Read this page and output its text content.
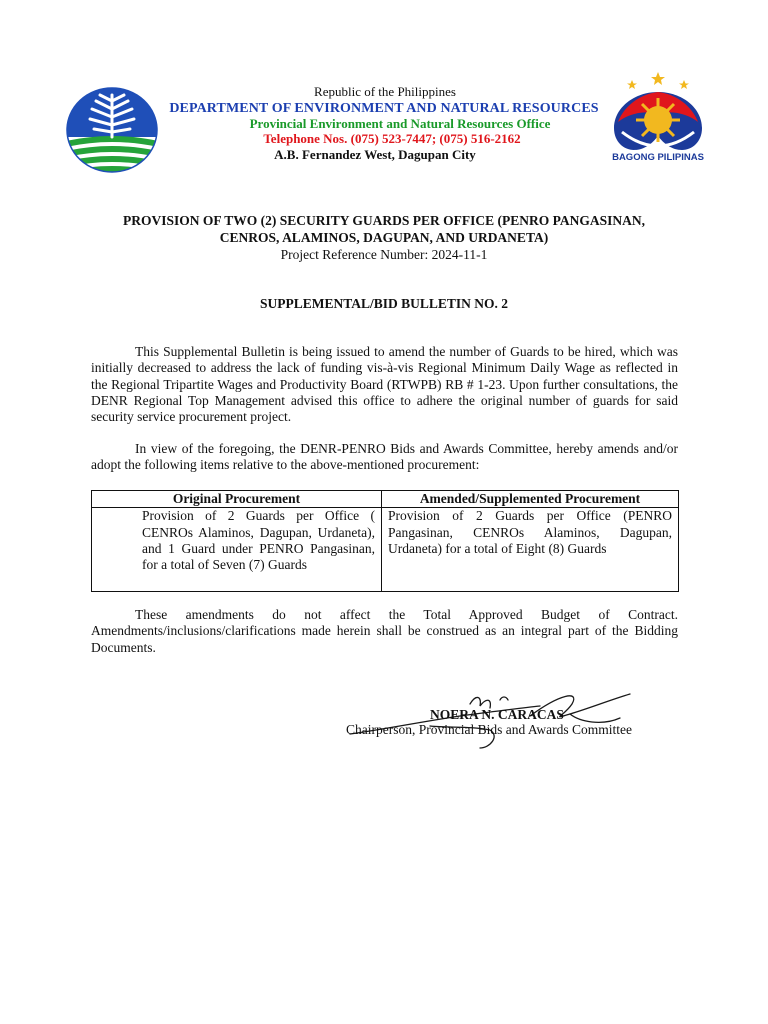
Republic of the Philippines
DEPARTMENT OF ENVIRONMENT AND NATURAL RESOURCES
Provincial Environment and Natural Resources Office
Telephone Nos. (075) 523-7447; (075) 516-2162
A.B. Fernandez West, Dagupan City	BAGONG PILIPINAS
PROVISION OF TWO (2) SECURITY GUARDS PER OFFICE (PENRO PANGASINAN,
CENROS, ALAMINOS, DAGUPAN, AND URDANETA)
Project Reference Number: 2024-11-1
SUPPLEMENTAL/BID BULLETIN NO. 2
This Supplemental Bulletin is being issued to amend the number of Guards to be hired, which was initially decreased to address the lack of funding vis-à-vis Regional Minimum Daily Wage as reflected in the Regional Tripartite Wages and Productivity Board (RTWPB) RB # 1-23. Upon further consultations, the DENR Regional Top Management advised this office to adhere the original number of guards for said security service procurement project.
In view of the foregoing, the DENR-PENRO Bids and Awards Committee, hereby amends and/or adopt the following items relative to the above-mentioned procurement:
Original Procurement	Amended/Supplemented Procurement
Provision of 2 Guards per Office ( CENROs Alaminos, Dagupan, Urdaneta), and 1 Guard under PENRO Pangasinan, for a total of Seven (7) Guards	Provision of 2 Guards per Office (PENRO Pangasinan, CENROs Alaminos, Dagupan, Urdaneta) for a total of Eight (8) Guards
These amendments do not affect the Total Approved Budget of Contract. Amendments/inclusions/clarifications made herein shall be construed as an integral part of the Bidding Documents.
NOERA N. CARACAS
Chairperson, Provincial Bids and Awards Committee
